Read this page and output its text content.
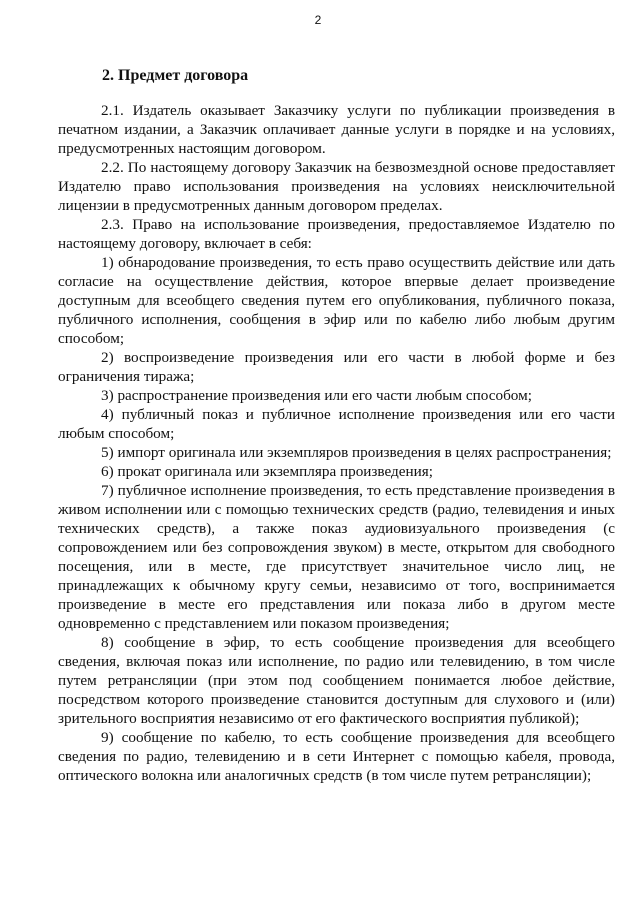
2
2. Предмет договора

2.1. Издатель оказывает Заказчику услуги по публикации произведения в печатном издании, а Заказчик оплачивает данные услуги в порядке и на условиях, предусмотренных настоящим договором.

2.2. По настоящему договору Заказчик на безвозмездной основе предоставляет Издателю право использования произведения на условиях неисключительной лицензии в предусмотренных данным договором пределах.

2.3. Право на использование произведения, предоставляемое Издателю по настоящему договору, включает в себя:

1) обнародование произведения, то есть право осуществить действие или дать согласие на осуществление действия, которое впервые делает произведение доступным для всеобщего сведения путем его опубликования, публичного показа, публичного исполнения, сообщения в эфир или по кабелю либо любым другим способом;

2) воспроизведение произведения или его части в любой форме и без ограничения тиража;

3) распространение произведения или его части любым способом;

4) публичный показ и публичное исполнение произведения или его части любым способом;

5) импорт оригинала или экземпляров произведения в целях распространения;

6) прокат оригинала или экземпляра произведения;

7) публичное исполнение произведения, то есть представление произведения в живом исполнении или с помощью технических средств (радио, телевидения и иных технических средств), а также показ аудиовизуального произведения (с сопровождением или без сопровождения звуком) в месте, открытом для свободного посещения, или в месте, где присутствует значительное число лиц, не принадлежащих к обычному кругу семьи, независимо от того, воспринимается произведение в месте его представления или показа либо в другом месте одновременно с представлением или показом произведения;

8) сообщение в эфир, то есть сообщение произведения для всеобщего сведения, включая показ или исполнение, по радио или телевидению, в том числе путем ретрансляции (при этом под сообщением понимается любое действие, посредством которого произведение становится доступным для слухового и (или) зрительного восприятия независимо от его фактического восприятия публикой);

9) сообщение по кабелю, то есть сообщение произведения для всеобщего сведения по радио, телевидению и в сети Интернет с помощью кабеля, провода, оптического волокна или аналогичных средств (в том числе путем ретрансляции);
